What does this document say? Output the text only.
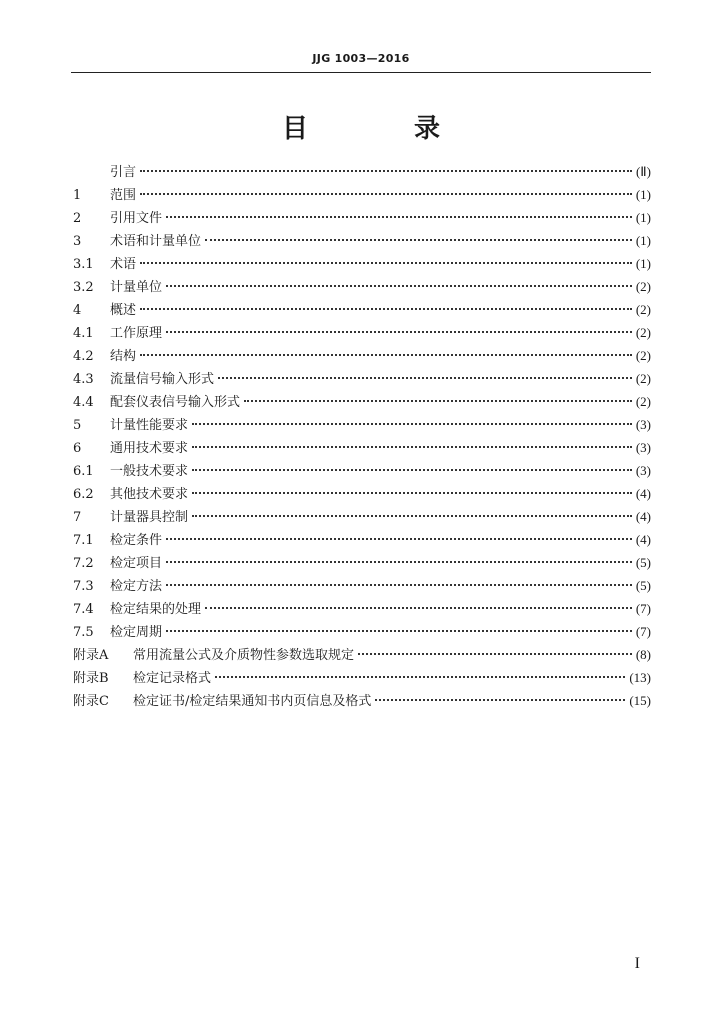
JJG 1003—2016
目　录
引言	(Ⅱ)
1	范围	(1)
2	引用文件	(1)
3	术语和计量单位	(1)
3.1	术语	(1)
3.2	计量单位	(2)
4	概述	(2)
4.1	工作原理	(2)
4.2	结构	(2)
4.3	流量信号输入形式	(2)
4.4	配套仪表信号输入形式	(2)
5	计量性能要求	(3)
6	通用技术要求	(3)
6.1	一般技术要求	(3)
6.2	其他技术要求	(4)
7	计量器具控制	(4)
7.1	检定条件	(4)
7.2	检定项目	(5)
7.3	检定方法	(5)
7.4	检定结果的处理	(7)
7.5	检定周期	(7)
附录A	常用流量公式及介质物性参数选取规定	(8)
附录B	检定记录格式	(13)
附录C	检定证书/检定结果通知书内页信息及格式	(15)
I
